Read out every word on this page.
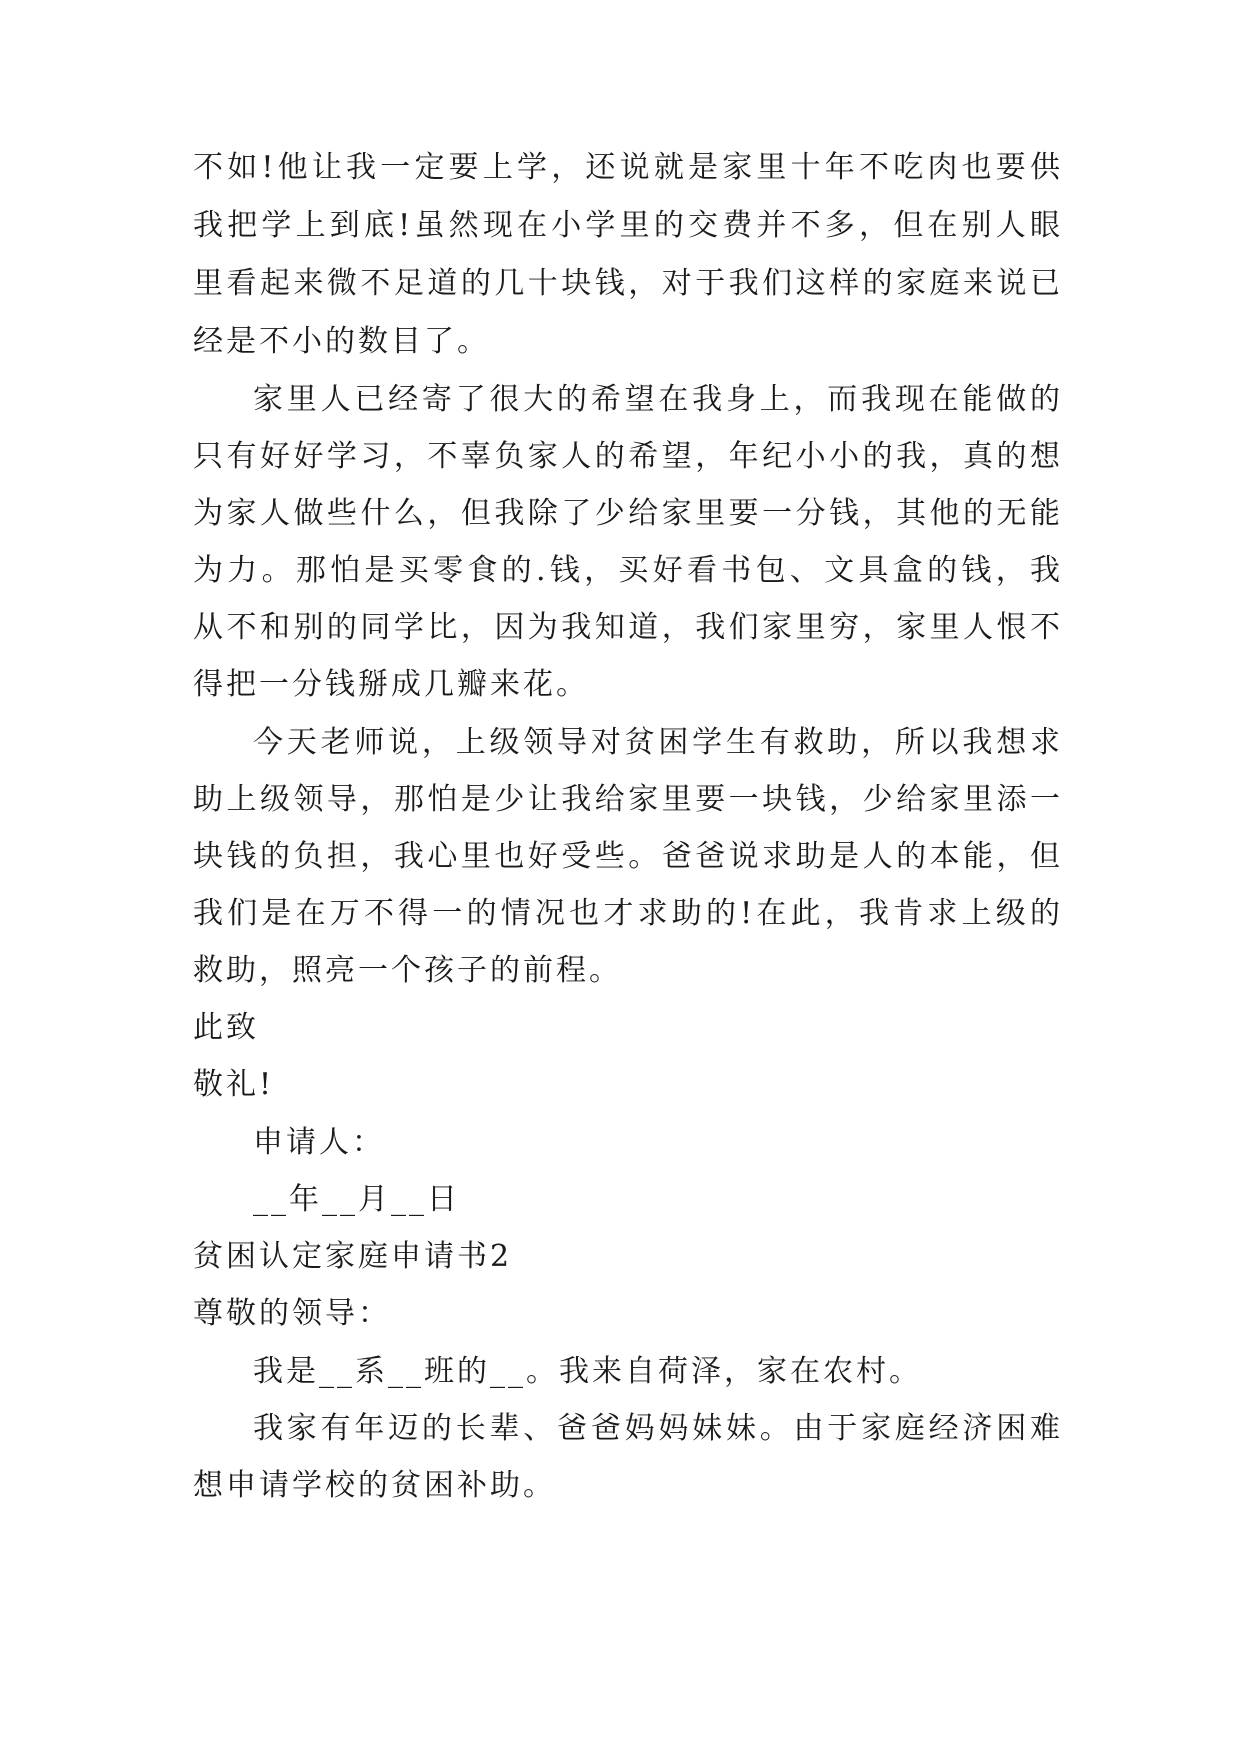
不如!他让我一定要上学，还说就是家里十年不吃肉也要供
我把学上到底!虽然现在小学里的交费并不多，但在别人眼
里看起来微不足道的几十块钱，对于我们这样的家庭来说已
经是不小的数目了。
家里人已经寄了很大的希望在我身上，而我现在能做的
只有好好学习，不辜负家人的希望，年纪小小的我，真的想
为家人做些什么，但我除了少给家里要一分钱，其他的无能
为力。那怕是买零食的.钱，买好看书包、文具盒的钱，我
从不和别的同学比，因为我知道，我们家里穷，家里人恨不
得把一分钱掰成几瓣来花。
今天老师说，上级领导对贫困学生有救助，所以我想求
助上级领导，那怕是少让我给家里要一块钱，少给家里添一
块钱的负担，我心里也好受些。爸爸说求助是人的本能，但
我们是在万不得一的情况也才求助的!在此，我肯求上级的
救助，照亮一个孩子的前程。
此致
敬礼!
申请人：
__年__月__日
贫困认定家庭申请书2
尊敬的领导：
我是__系__班的__。我来自荷泽，家在农村。
我家有年迈的长辈、爸爸妈妈妹妹。由于家庭经济困难
想申请学校的贫困补助。
